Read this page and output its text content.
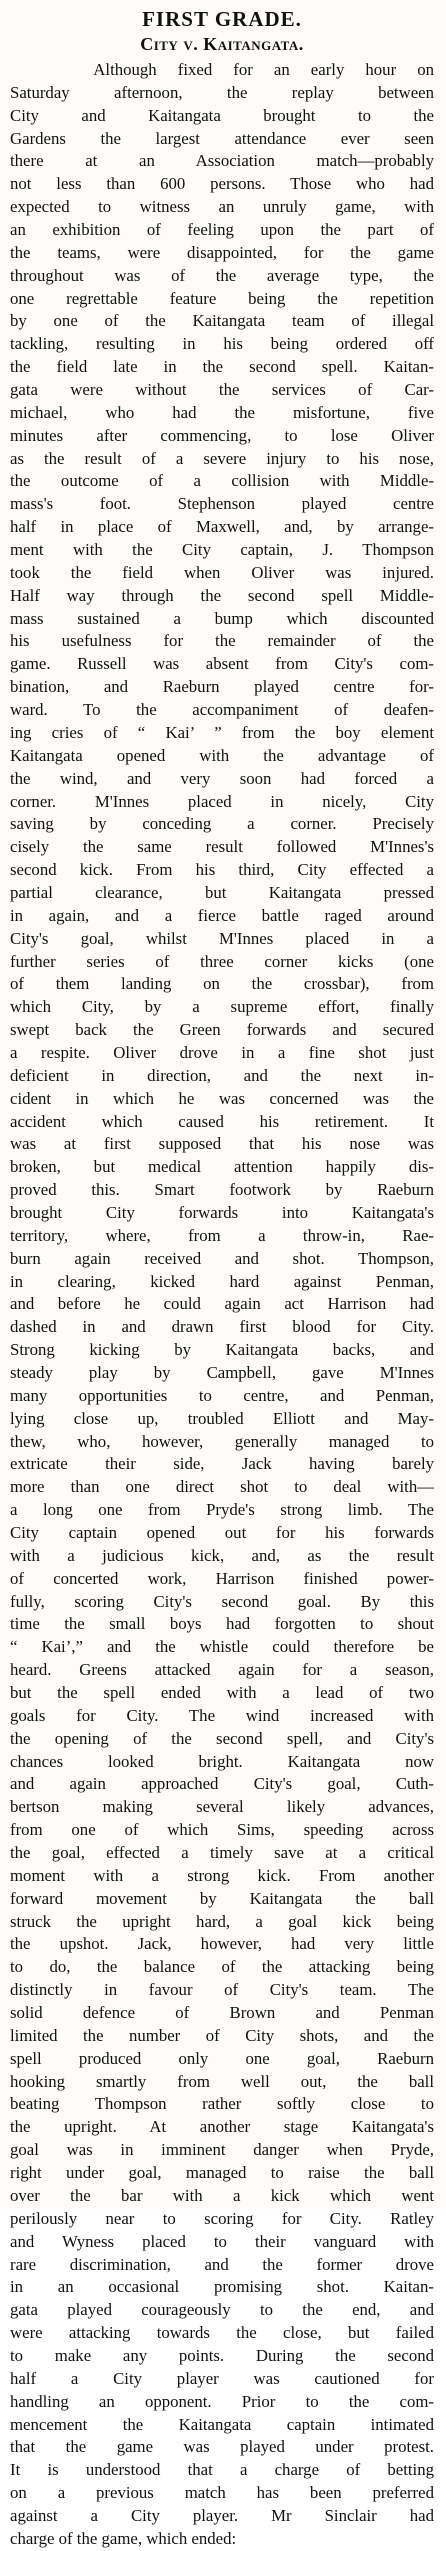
FIRST GRADE.
City v. Kaitangata.
Although fixed for an early hour on
Saturday afternoon, the replay between
City and Kaitangata brought to the
Gardens the largest attendance ever seen
there at an Association match—probably
not less than 600 persons. Those who had
expected to witness an unruly game, with
an exhibition of feeling upon the part of
the teams, were disappointed, for the game
throughout was of the average type, the
one regrettable feature being the repetition
by one of the Kaitangata team of illegal
tackling, resulting in his being ordered off
the field late in the second spell. Kaitan-
gata were without the services of Car-
michael, who had the misfortune, five
minutes after commencing, to lose Oliver
as the result of a severe injury to his nose,
the outcome of a collision with Middle-
mass's foot. Stephenson played centre
half in place of Maxwell, and, by arrange-
ment with the City captain, J. Thompson
took the field when Oliver was injured.
Half way through the second spell Middle-
mass sustained a bump which discounted
his usefulness for the remainder of the
game. Russell was absent from City's com-
bination, and Raeburn played centre for-
ward. To the accompaniment of deafen-
ing cries of “ Kai’ ” from the boy element
Kaitangata opened with the advantage of
the wind, and very soon had forced a
corner. M'Innes placed in nicely, City
saving by conceding a corner. Precisely
cisely the same result followed M'Innes's
second kick. From his third, City effected a
partial clearance, but Kaitangata pressed
in again, and a fierce battle raged around
City's goal, whilst M'Innes placed in a
further series of three corner kicks (one
of them landing on the crossbar), from
which City, by a supreme effort, finally
swept back the Green forwards and secured
a respite. Oliver drove in a fine shot just
deficient in direction, and the next in-
cident in which he was concerned was the
accident which caused his retirement. It
was at first supposed that his nose was
broken, but medical attention happily dis-
proved this. Smart footwork by Raeburn
brought City forwards into Kaitangata's
territory, where, from a throw-in, Rae-
burn again received and shot. Thompson,
in clearing, kicked hard against Penman,
and before he could again act Harrison had
dashed in and drawn first blood for City.
Strong kicking by Kaitangata backs, and
steady play by Campbell, gave M'Innes
many opportunities to centre, and Penman,
lying close up, troubled Elliott and May-
thew, who, however, generally managed to
extricate their side, Jack having barely
more than one direct shot to deal with—
a long one from Pryde's strong limb. The
City captain opened out for his forwards
with a judicious kick, and, as the result
of concerted work, Harrison finished power-
fully, scoring City's second goal. By this
time the small boys had forgotten to shout
“ Kai’,” and the whistle could therefore be
heard. Greens attacked again for a season,
but the spell ended with a lead of two
goals for City. The wind increased with
the opening of the second spell, and City's
chances looked bright. Kaitangata now
and again approached City's goal, Cuth-
bertson making several likely advances,
from one of which Sims, speeding across
the goal, effected a timely save at a critical
moment with a strong kick. From another
forward movement by Kaitangata the ball
struck the upright hard, a goal kick being
the upshot. Jack, however, had very little
to do, the balance of the attacking being
distinctly in favour of City's team. The
solid defence of Brown and Penman
limited the number of City shots, and the
spell produced only one goal, Raeburn
hooking smartly from well out, the ball
beating Thompson rather softly close to
the upright. At another stage Kaitangata's
goal was in imminent danger when Pryde,
right under goal, managed to raise the ball
over the bar with a kick which went
perilously near to scoring for City. Ratley
and Wyness placed to their vanguard with
rare discrimination, and the former drove
in an occasional promising shot. Kaitan-
gata played courageously to the end, and
were attacking towards the close, but failed
to make any points. During the second
half a City player was cautioned for
handling an opponent. Prior to the com-
mencement the Kaitangata captain intimated
that the game was played under protest.
It is understood that a charge of betting
on a previous match has been preferred
against a City player. Mr Sinclair had
charge of the game, which ended:
